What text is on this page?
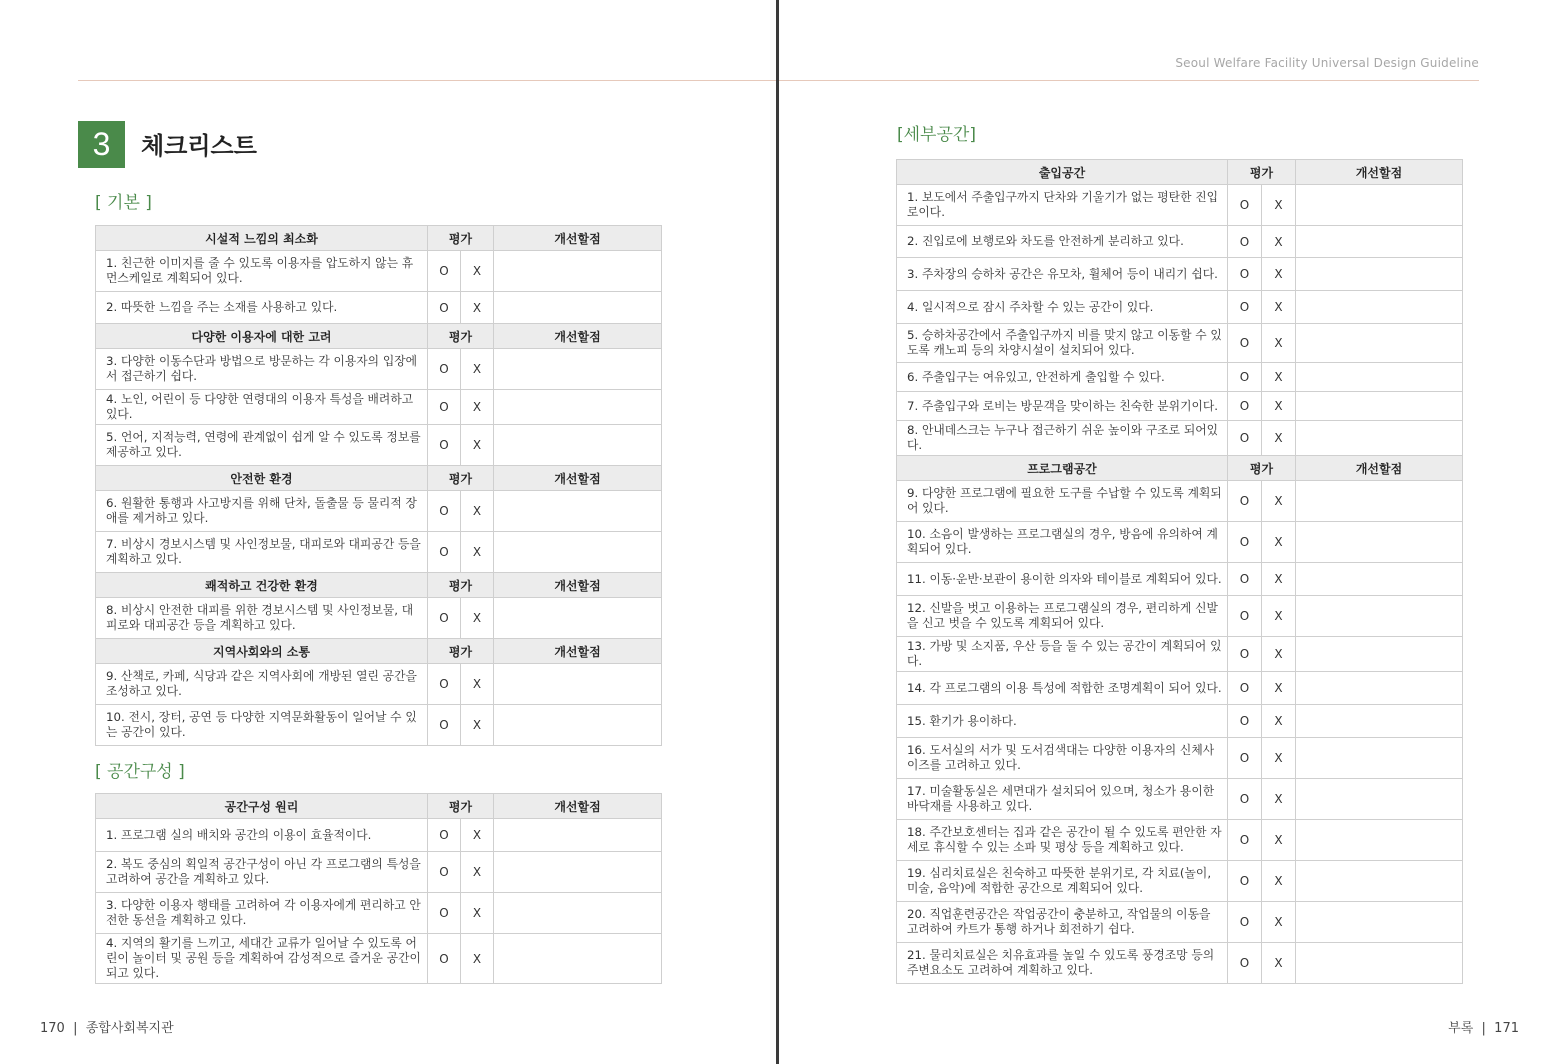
Seoul Welfare Facility Universal Design Guideline
3	체크리스트
[ 기본 ]
시설적 느낌의 최소화	평가		개선할점
1. 친근한 이미지를 줄 수 있도록 이용자를 압도하지 않는 휴먼스케일로 계획되어 있다.	O	X	
2. 따뜻한 느낌을 주는 소재를 사용하고 있다.	O	X	
다양한 이용자에 대한 고려	평가		개선할점
3. 다양한 이동수단과 방법으로 방문하는 각 이용자의 입장에서 접근하기 쉽다.	O	X	
4. 노인, 어린이 등 다양한 연령대의 이용자 특성을 배려하고 있다.	O	X	
5. 언어, 지적능력, 연령에 관계없이 쉽게 알 수 있도록 정보를 제공하고 있다.	O	X	
안전한 환경	평가		개선할점
6. 원활한 통행과 사고방지를 위해 단차, 돌출물 등 물리적 장애를 제거하고 있다.	O	X	
7. 비상시 경보시스템 및 사인정보물, 대피로와 대피공간 등을 계획하고 있다.	O	X	
쾌적하고 건강한 환경	평가		개선할점
8. 비상시 안전한 대피를 위한 경보시스템 및 사인정보물, 대피로와 대피공간 등을 계획하고 있다.	O	X	
지역사회와의 소통	평가		개선할점
9. 산책로, 카페, 식당과 같은 지역사회에 개방된 열린 공간을 조성하고 있다.	O	X	
10. 전시, 장터, 공연 등 다양한 지역문화활동이 일어날 수 있는 공간이 있다.	O	X	
[ 공간구성 ]
공간구성 원리	평가		개선할점
1. 프로그램 실의 배치와 공간의 이용이 효율적이다.	O	X	
2. 복도 중심의 획일적 공간구성이 아닌 각 프로그램의 특성을 고려하여 공간을 계획하고 있다.	O	X	
3. 다양한 이용자 행태를 고려하여 각 이용자에게 편리하고 안전한 동선을 계획하고 있다.	O	X	
4. 지역의 활기를 느끼고, 세대간 교류가 일어날 수 있도록 어린이 놀이터 및 공원 등을 계획하여 감성적으로 즐거운 공간이 되고 있다.	O	X	
[세부공간]
출입공간	평가		개선할점
1. 보도에서 주출입구까지 단차와 기울기가 없는 평탄한 진입로이다.	O	X	
2. 진입로에 보행로와 차도를 안전하게 분리하고 있다.	O	X	
3. 주차장의 승하차 공간은 유모차, 휠체어 등이 내리기 쉽다.	O	X	
4. 일시적으로 잠시 주차할 수 있는 공간이 있다.	O	X	
5. 승하차공간에서 주출입구까지 비를 맞지 않고 이동할 수 있도록 캐노피 등의 차양시설이 설치되어 있다.	O	X	
6. 주출입구는 여유있고, 안전하게 출입할 수 있다.	O	X	
7. 주출입구와 로비는 방문객을 맞이하는 친숙한 분위기이다.	O	X	
8. 안내데스크는 누구나 접근하기 쉬운 높이와 구조로 되어있다.	O	X	
프로그램공간	평가		개선할점
9. 다양한 프로그램에 필요한 도구를 수납할 수 있도록 계획되어 있다.	O	X	
10. 소음이 발생하는 프로그램실의 경우, 방음에 유의하여 계획되어 있다.	O	X	
11. 이동·운반·보관이 용이한 의자와 테이블로 계획되어 있다.	O	X	
12. 신발을 벗고 이용하는 프로그램실의 경우, 편리하게 신발을 신고 벗을 수 있도록 계획되어 있다.	O	X	
13. 가방 및 소지품, 우산 등을 둘 수 있는 공간이 계획되어 있다.	O	X	
14. 각 프로그램의 이용 특성에 적합한 조명계획이 되어 있다.	O	X	
15. 환기가 용이하다.	O	X	
16. 도서실의 서가 및 도서검색대는 다양한 이용자의 신체사이즈를 고려하고 있다.	O	X	
17. 미술활동실은 세면대가 설치되어 있으며, 청소가 용이한 바닥재를 사용하고 있다.	O	X	
18. 주간보호센터는 집과 같은 공간이 될 수 있도록 편안한 자세로 휴식할 수 있는 소파 및 평상 등을 계획하고 있다.	O	X	
19. 심리치료실은 친숙하고 따뜻한 분위기로, 각 치료(놀이, 미술, 음악)에 적합한 공간으로 계획되어 있다.	O	X	
20. 직업훈련공간은 작업공간이 충분하고, 작업물의 이동을 고려하여 카트가 통행 하거나 회전하기 쉽다.	O	X	
21. 물리치료실은 치유효과를 높일 수 있도록 풍경조망 등의 주변요소도 고려하여 계획하고 있다.	O	X	
170  |  종합사회복지관	부록  |  171
